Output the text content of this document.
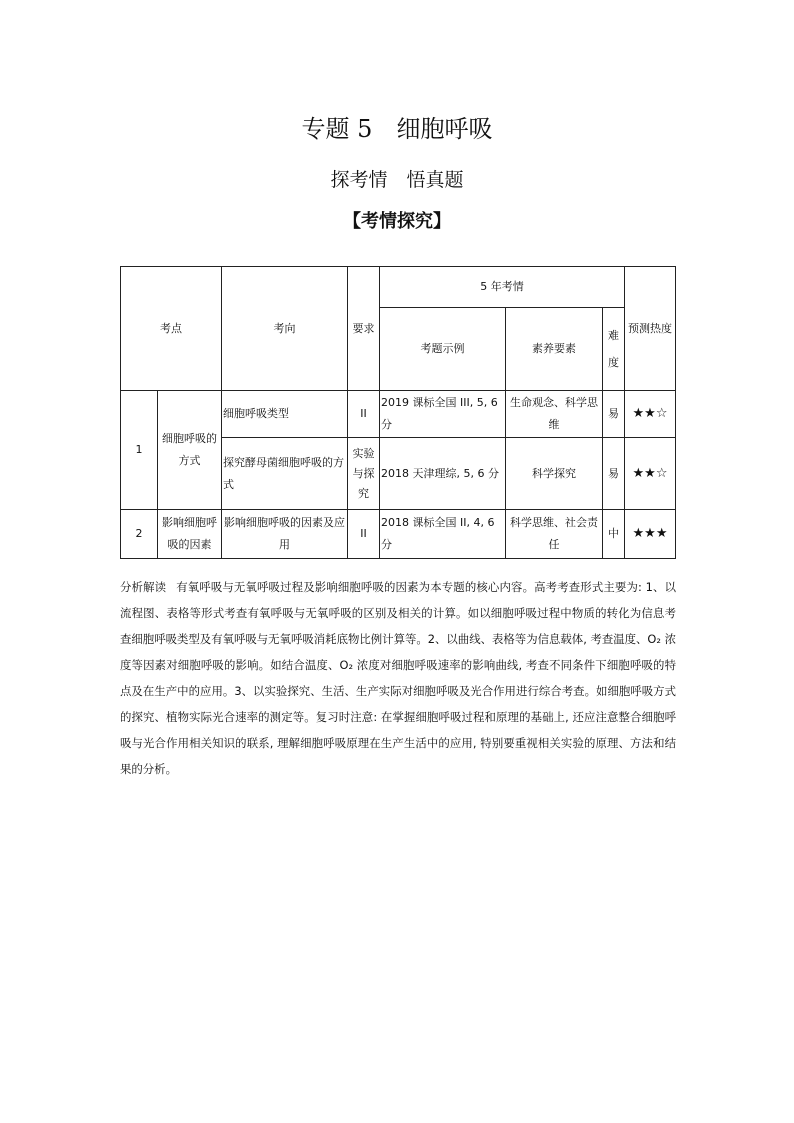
专题 5　细胞呼吸
探考情　悟真题
【考情探究】
考点		考向	要求	5 年考情			预测热度
				考题示例	素养要素	难度	
1	细胞呼吸的方式	细胞呼吸类型	II	2019 课标全国 III, 5, 6 分	生命观念、科学思维	易	★★☆
		探究酵母菌细胞呼吸的方式	实验与探究	2018 天津理综, 5, 6 分	科学探究	易	★★☆
2	影响细胞呼吸的因素	影响细胞呼吸的因素及应用	II	2018 课标全国 II, 4, 6 分	科学思维、社会责任	中	★★★
分析解读 有氧呼吸与无氧呼吸过程及影响细胞呼吸的因素为本专题的核心内容。高考考查形式主要为: 1、以流程图、表格等形式考查有氧呼吸与无氧呼吸的区别及相关的计算。如以细胞呼吸过程中物质的转化为信息考查细胞呼吸类型及有氧呼吸与无氧呼吸消耗底物比例计算等。2、以曲线、表格等为信息载体, 考查温度、O₂ 浓度等因素对细胞呼吸的影响。如结合温度、O₂ 浓度对细胞呼吸速率的影响曲线, 考查不同条件下细胞呼吸的特点及在生产中的应用。3、以实验探究、生活、生产实际对细胞呼吸及光合作用进行综合考查。如细胞呼吸方式的探究、植物实际光合速率的测定等。复习时注意: 在掌握细胞呼吸过程和原理的基础上, 还应注意整合细胞呼吸与光合作用相关知识的联系, 理解细胞呼吸原理在生产生活中的应用, 特别要重视相关实验的原理、方法和结果的分析。
